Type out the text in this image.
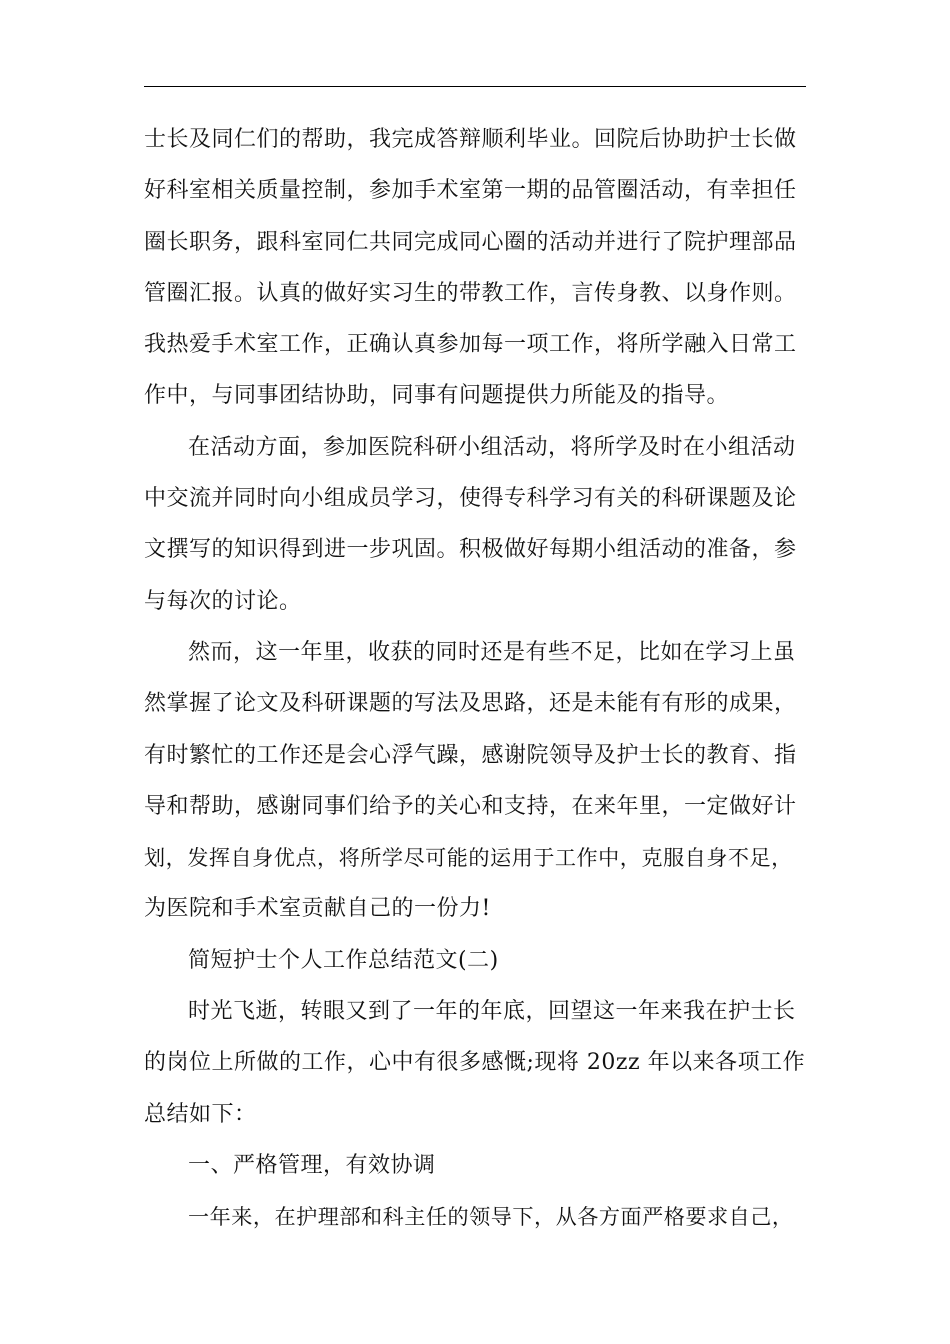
士长及同仁们的帮助，我完成答辩顺利毕业。回院后协助护士长做
好科室相关质量控制，参加手术室第一期的品管圈活动，有幸担任
圈长职务，跟科室同仁共同完成同心圈的活动并进行了院护理部品
管圈汇报。认真的做好实习生的带教工作，言传身教、以身作则。
我热爱手术室工作，正确认真参加每一项工作，将所学融入日常工
作中，与同事团结协助，同事有问题提供力所能及的指导。
在活动方面，参加医院科研小组活动，将所学及时在小组活动
中交流并同时向小组成员学习，使得专科学习有关的科研课题及论
文撰写的知识得到进一步巩固。积极做好每期小组活动的准备，参
与每次的讨论。
然而，这一年里，收获的同时还是有些不足，比如在学习上虽
然掌握了论文及科研课题的写法及思路，还是未能有有形的成果，
有时繁忙的工作还是会心浮气躁，感谢院领导及护士长的教育、指
导和帮助，感谢同事们给予的关心和支持，在来年里，一定做好计
划，发挥自身优点，将所学尽可能的运用于工作中，克服自身不足，
为医院和手术室贡献自己的一份力!
简短护士个人工作总结范文(二)
时光飞逝，转眼又到了一年的年底，回望这一年来我在护士长
的岗位上所做的工作，心中有很多感慨;现将 20zz 年以来各项工作
总结如下：
一、严格管理，有效协调
一年来，在护理部和科主任的领导下，从各方面严格要求自己，
